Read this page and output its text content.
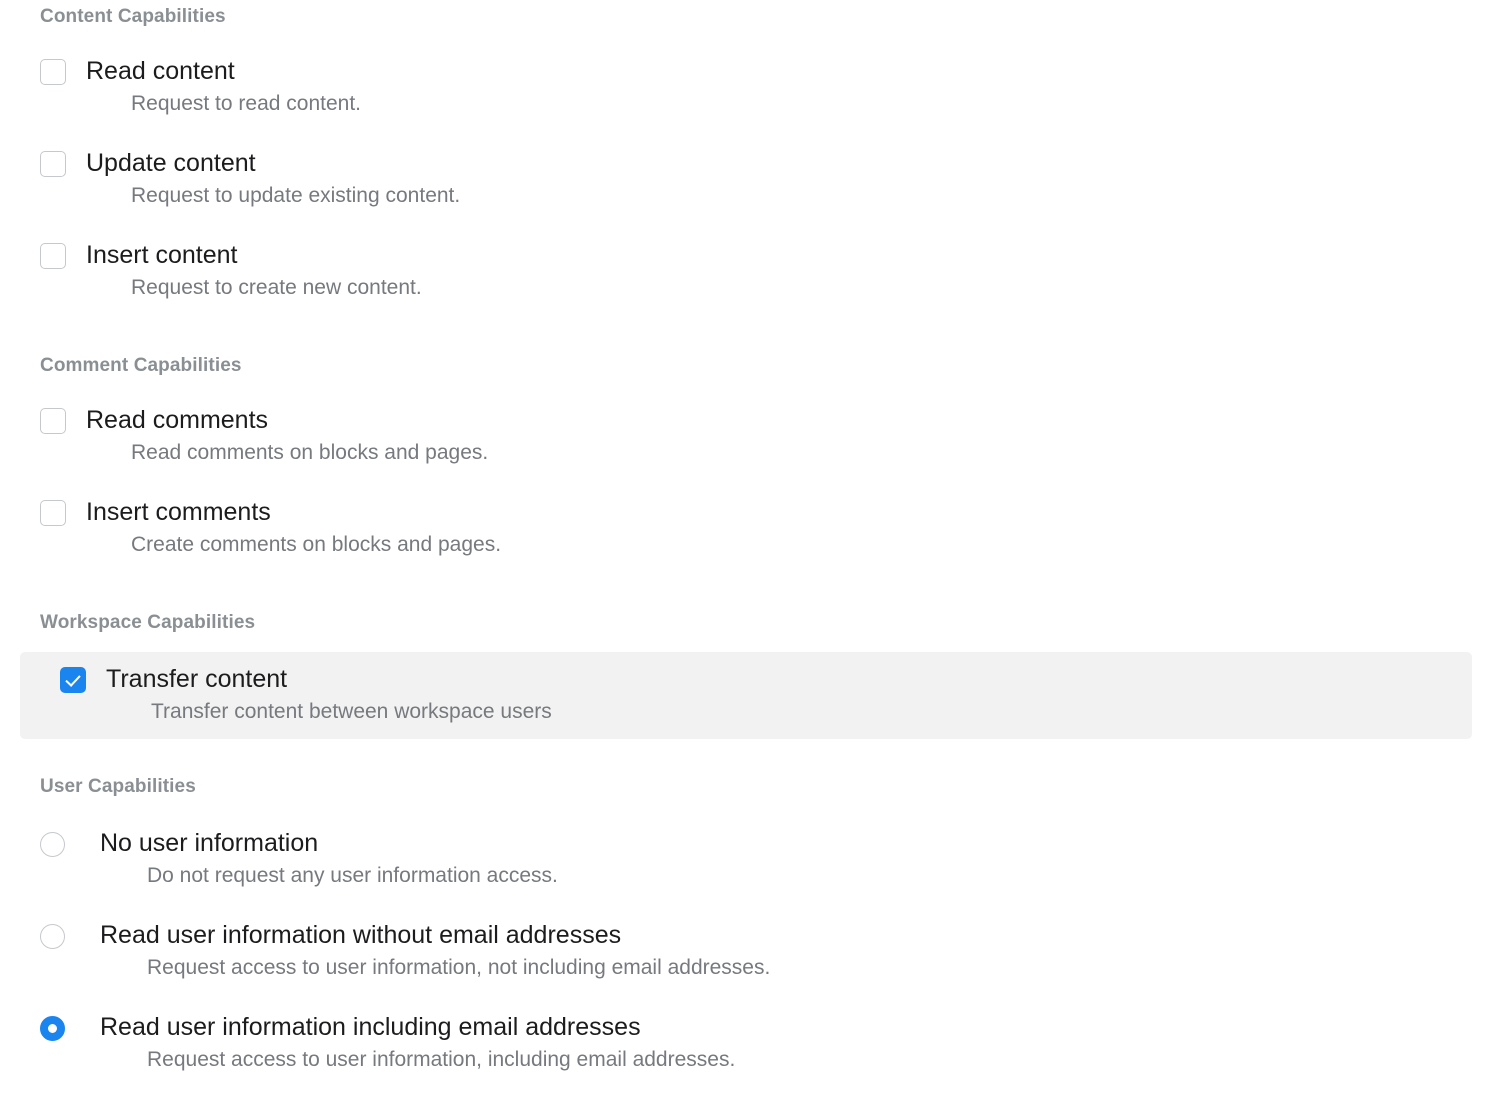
Content Capabilities
Read content
Request to read content.
Update content
Request to update existing content.
Insert content
Request to create new content.
Comment Capabilities
Read comments
Read comments on blocks and pages.
Insert comments
Create comments on blocks and pages.
Workspace Capabilities
Transfer content
Transfer content between workspace users
User Capabilities
No user information
Do not request any user information access.
Read user information without email addresses
Request access to user information, not including email addresses.
Read user information including email addresses
Request access to user information, including email addresses.
